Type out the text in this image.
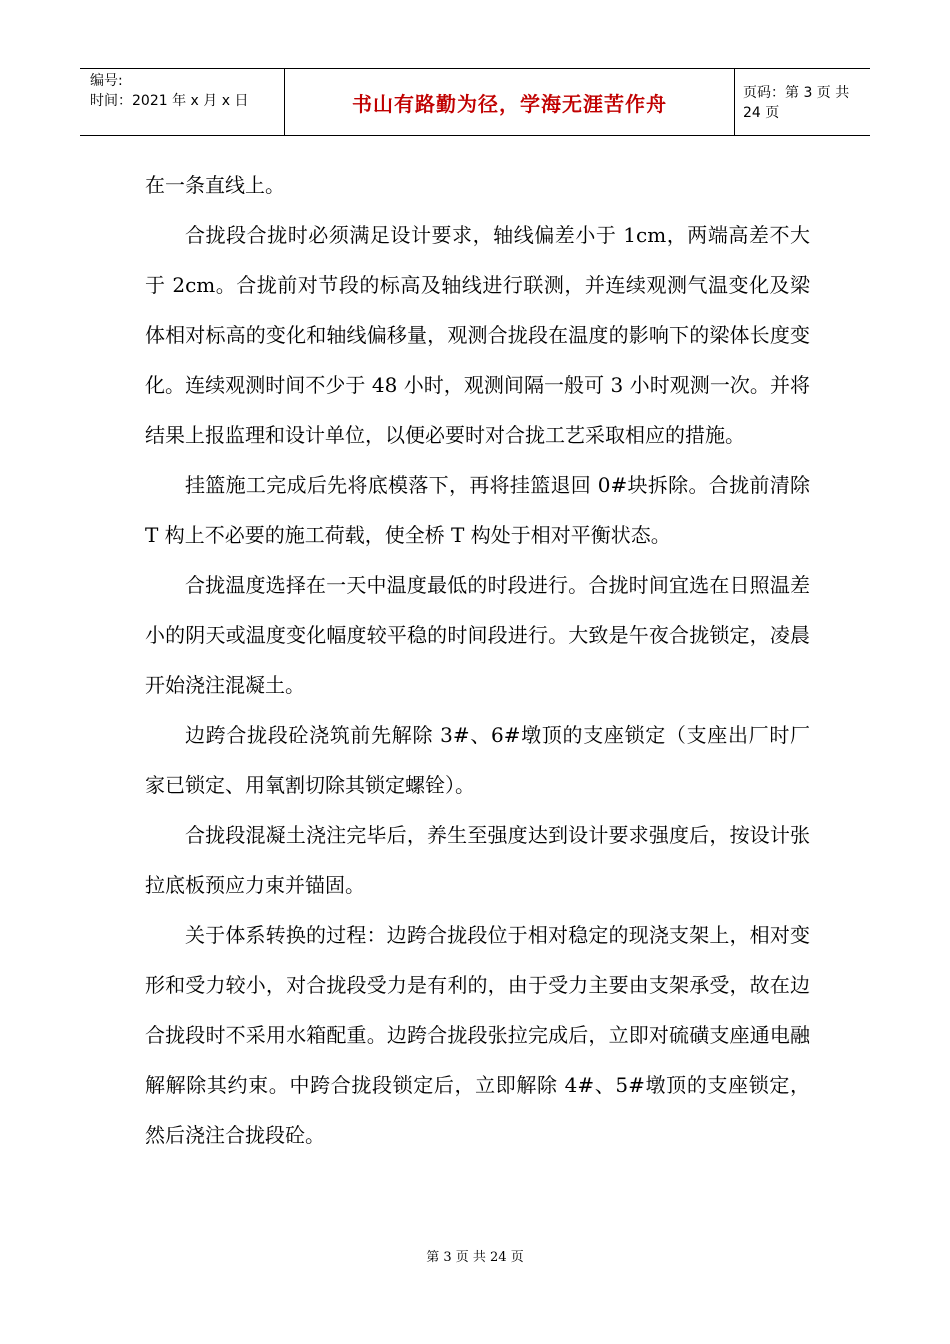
编号:
时间：2021 年 x 月 x 日	书山有路勤为径，学海无涯苦作舟	页码：第 3 页 共 24 页

在一条直线上。

合拢段合拢时必须满足设计要求，轴线偏差小于 1cm，两端高差不大于 2cm。合拢前对节段的标高及轴线进行联测，并连续观测气温变化及梁体相对标高的变化和轴线偏移量，观测合拢段在温度的影响下的梁体长度变化。连续观测时间不少于 48 小时，观测间隔一般可 3 小时观测一次。并将结果上报监理和设计单位，以便必要时对合拢工艺采取相应的措施。

挂篮施工完成后先将底模落下，再将挂篮退回 0#块拆除。合拢前清除 T 构上不必要的施工荷载，使全桥 T 构处于相对平衡状态。

合拢温度选择在一天中温度最低的时段进行。合拢时间宜选在日照温差小的阴天或温度变化幅度较平稳的时间段进行。大致是午夜合拢锁定，凌晨开始浇注混凝土。

边跨合拢段砼浇筑前先解除 3#、6#墩顶的支座锁定（支座出厂时厂家已锁定、用氧割切除其锁定螺铨）。

合拢段混凝土浇注完毕后，养生至强度达到设计要求强度后，按设计张拉底板预应力束并锚固。

关于体系转换的过程：边跨合拢段位于相对稳定的现浇支架上，相对变形和受力较小，对合拢段受力是有利的，由于受力主要由支架承受，故在边合拢段时不采用水箱配重。边跨合拢段张拉完成后，立即对硫磺支座通电融解解除其约束。中跨合拢段锁定后，立即解除 4#、5#墩顶的支座锁定，然后浇注合拢段砼。

第 3 页 共 24 页
